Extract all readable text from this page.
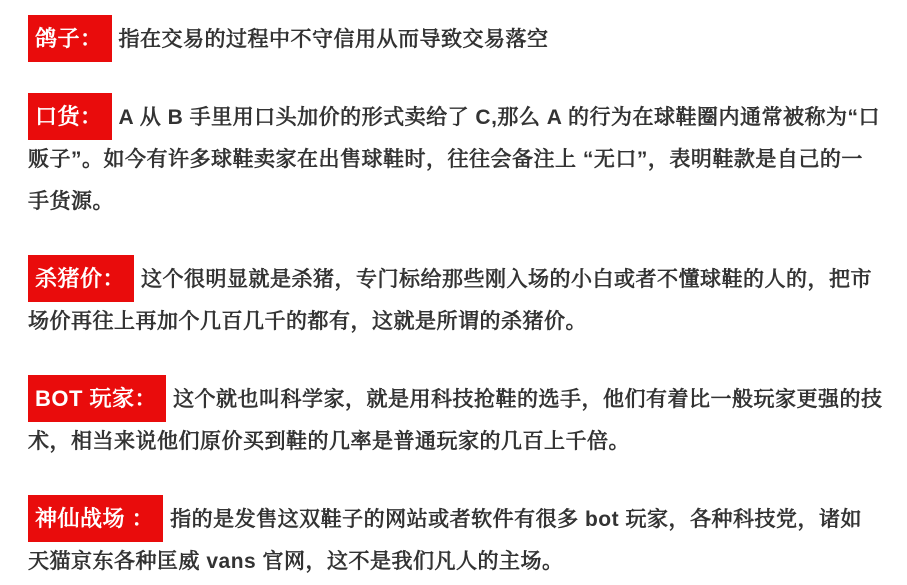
鸽子： 指在交易的过程中不守信用从而导致交易落空

口货： A 从 B 手里用口头加价的形式卖给了 C,那么 A 的行为在球鞋圈内通常被称为“口贩子”。如今有许多球鞋卖家在出售球鞋时，往往会备注上 “无口”，表明鞋款是自己的一手货源。

杀猪价： 这个很明显就是杀猪，专门标给那些刚入场的小白或者不懂球鞋的人的，把市场价再往上再加个几百几千的都有，这就是所谓的杀猪价。

BOT 玩家： 这个就也叫科学家，就是用科技抢鞋的选手，他们有着比一般玩家更强的技术，相当来说他们原价买到鞋的几率是普通玩家的几百上千倍。

神仙战场 ： 指的是发售这双鞋子的网站或者软件有很多 bot 玩家，各种科技党，诸如天猫京东各种匡威 vans 官网，这不是我们凡人的主场。
